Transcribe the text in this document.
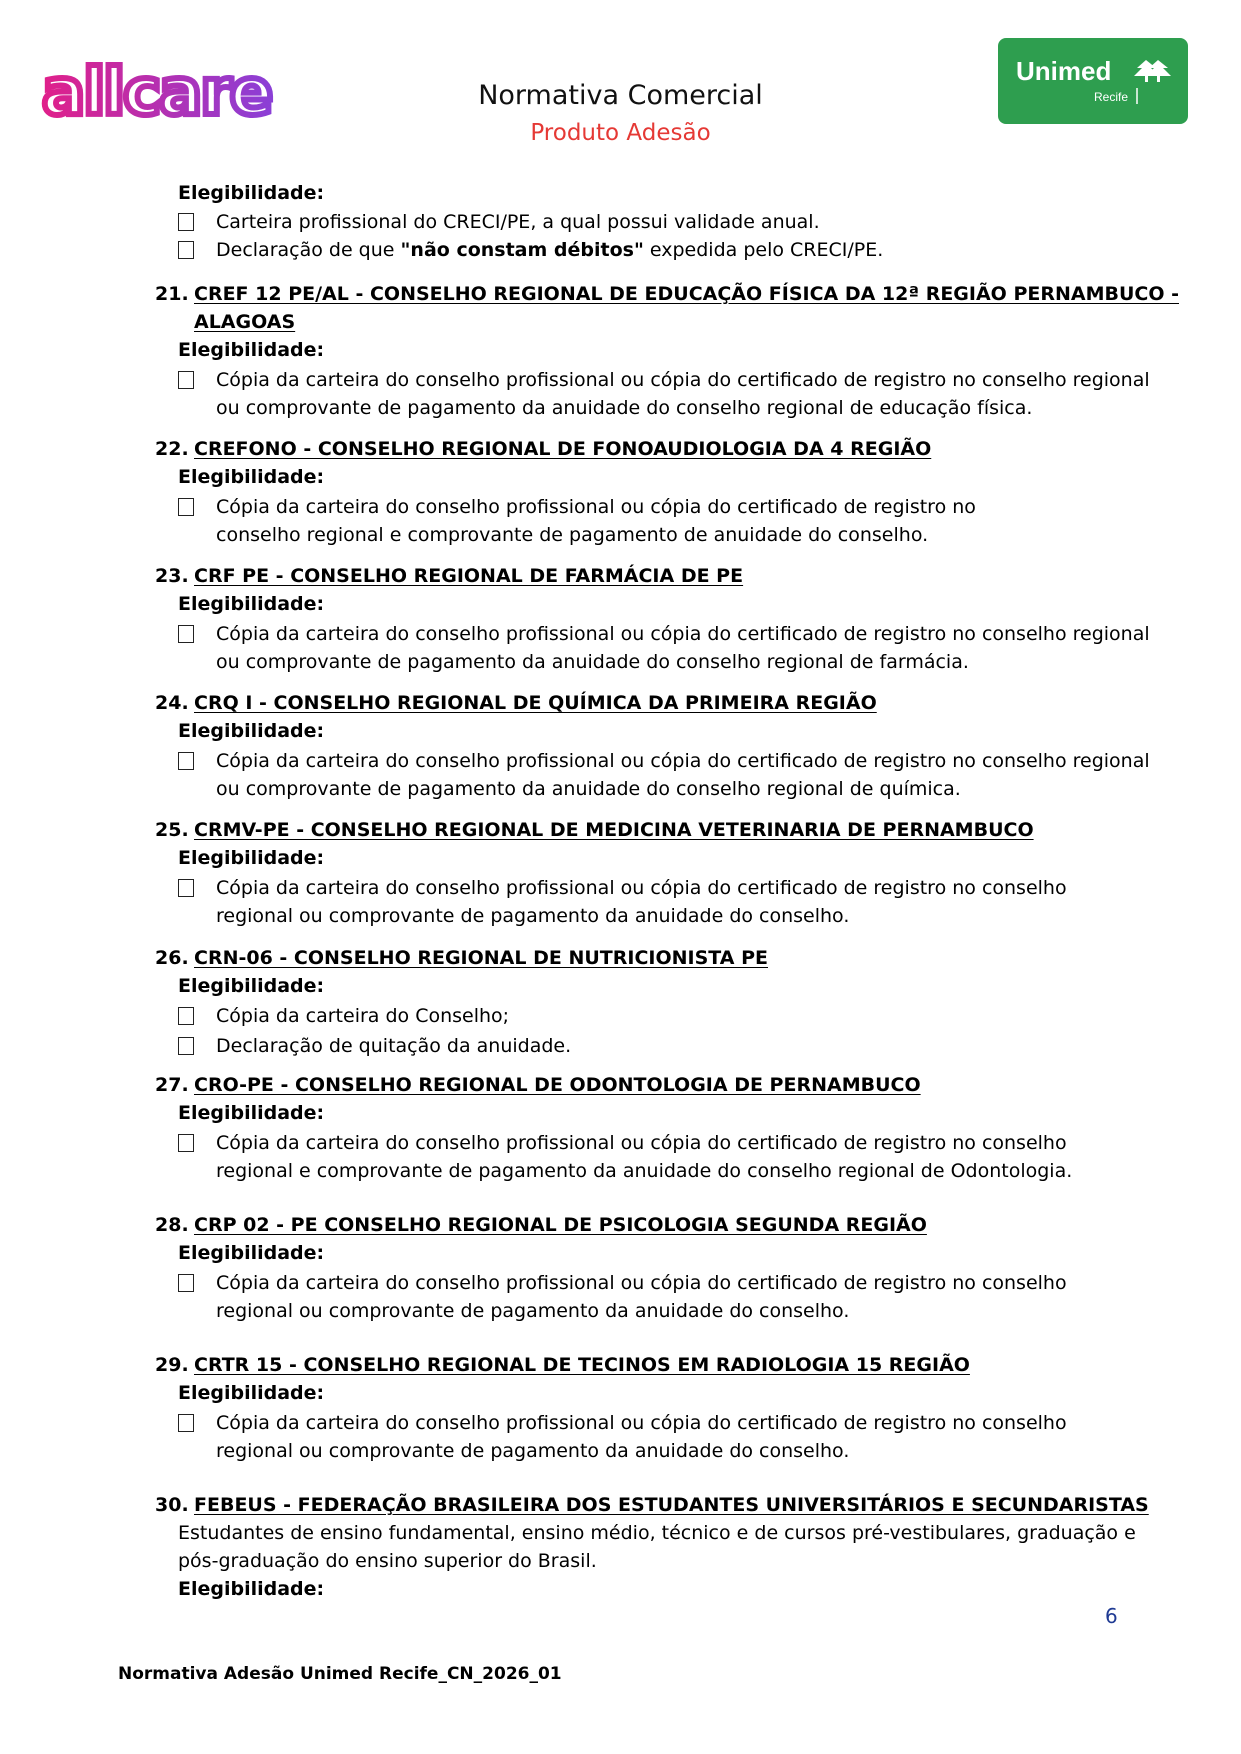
allcare	Unimed
Recife
Normativa Comercial
Produto Adesão
Elegibilidade:
Carteira profissional do CRECI/PE, a qual possui validade anual.
Declaração de que "não constam débitos" expedida pelo CRECI/PE.
21. CREF 12 PE/AL - CONSELHO REGIONAL DE EDUCAÇÃO FÍSICA DA 12ª REGIÃO PERNAMBUCO -
ALAGOAS
Elegibilidade:
Cópia da carteira do conselho profissional ou cópia do certificado de registro no conselho regional
ou comprovante de pagamento da anuidade do conselho regional de educação física.
22. CREFONO - CONSELHO REGIONAL DE FONOAUDIOLOGIA DA 4 REGIÃO
Elegibilidade:
Cópia da carteira do conselho profissional ou cópia do certificado de registro no
conselho regional e comprovante de pagamento de anuidade do conselho.
23. CRF PE - CONSELHO REGIONAL DE FARMÁCIA DE PE
Elegibilidade:
Cópia da carteira do conselho profissional ou cópia do certificado de registro no conselho regional
ou comprovante de pagamento da anuidade do conselho regional de farmácia.
24. CRQ I - CONSELHO REGIONAL DE QUÍMICA DA PRIMEIRA REGIÃO
Elegibilidade:
Cópia da carteira do conselho profissional ou cópia do certificado de registro no conselho regional
ou comprovante de pagamento da anuidade do conselho regional de química.
25. CRMV-PE - CONSELHO REGIONAL DE MEDICINA VETERINARIA DE PERNAMBUCO
Elegibilidade:
Cópia da carteira do conselho profissional ou cópia do certificado de registro no conselho
regional ou comprovante de pagamento da anuidade do conselho.
26. CRN-06 - CONSELHO REGIONAL DE NUTRICIONISTA PE
Elegibilidade:
Cópia da carteira do Conselho;
Declaração de quitação da anuidade.
27. CRO-PE - CONSELHO REGIONAL DE ODONTOLOGIA DE PERNAMBUCO
Elegibilidade:
Cópia da carteira do conselho profissional ou cópia do certificado de registro no conselho
regional e comprovante de pagamento da anuidade do conselho regional de Odontologia.
28. CRP 02 - PE CONSELHO REGIONAL DE PSICOLOGIA SEGUNDA REGIÃO
Elegibilidade:
Cópia da carteira do conselho profissional ou cópia do certificado de registro no conselho
regional ou comprovante de pagamento da anuidade do conselho.
29. CRTR 15 - CONSELHO REGIONAL DE TECINOS EM RADIOLOGIA 15 REGIÃO
Elegibilidade:
Cópia da carteira do conselho profissional ou cópia do certificado de registro no conselho
regional ou comprovante de pagamento da anuidade do conselho.
30. FEBEUS - FEDERAÇÃO BRASILEIRA DOS ESTUDANTES UNIVERSITÁRIOS E SECUNDARISTAS
Estudantes de ensino fundamental, ensino médio, técnico e de cursos pré-vestibulares, graduação e
pós-graduação do ensino superior do Brasil.
Elegibilidade:
6
Normativa Adesão Unimed Recife_CN_2026_01
